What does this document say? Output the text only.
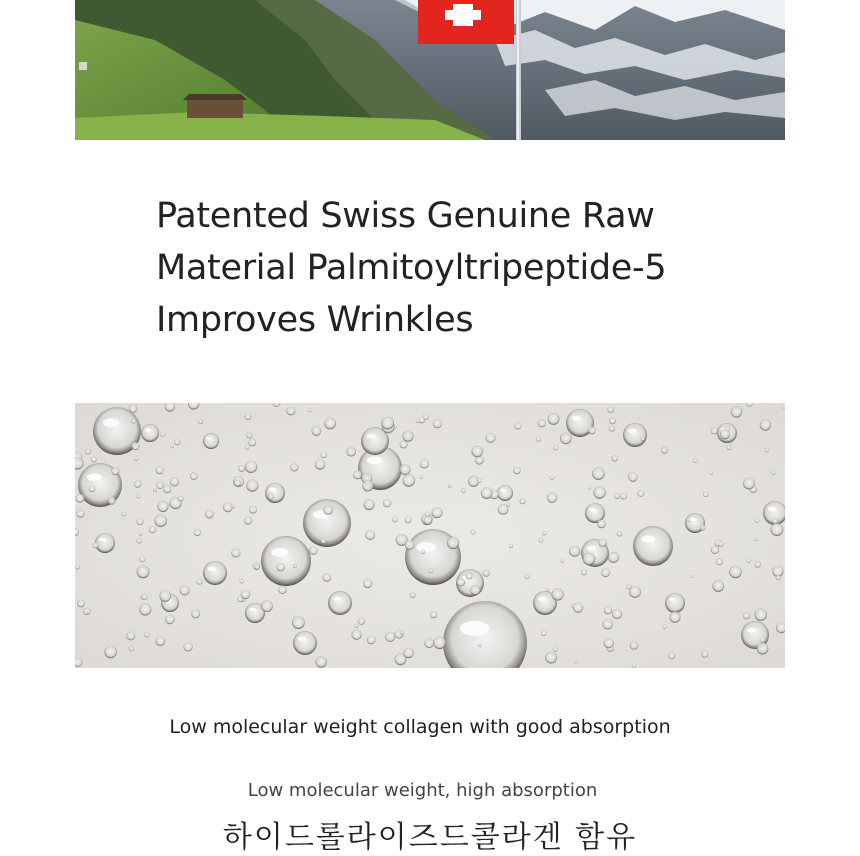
Patented Swiss Genuine Raw
Material Palmitoyltripeptide-5
Improves Wrinkles
Low molecular weight collagen with good absorption
Low molecular weight, high absorption
하이드롤라이즈드콜라겐 함유
